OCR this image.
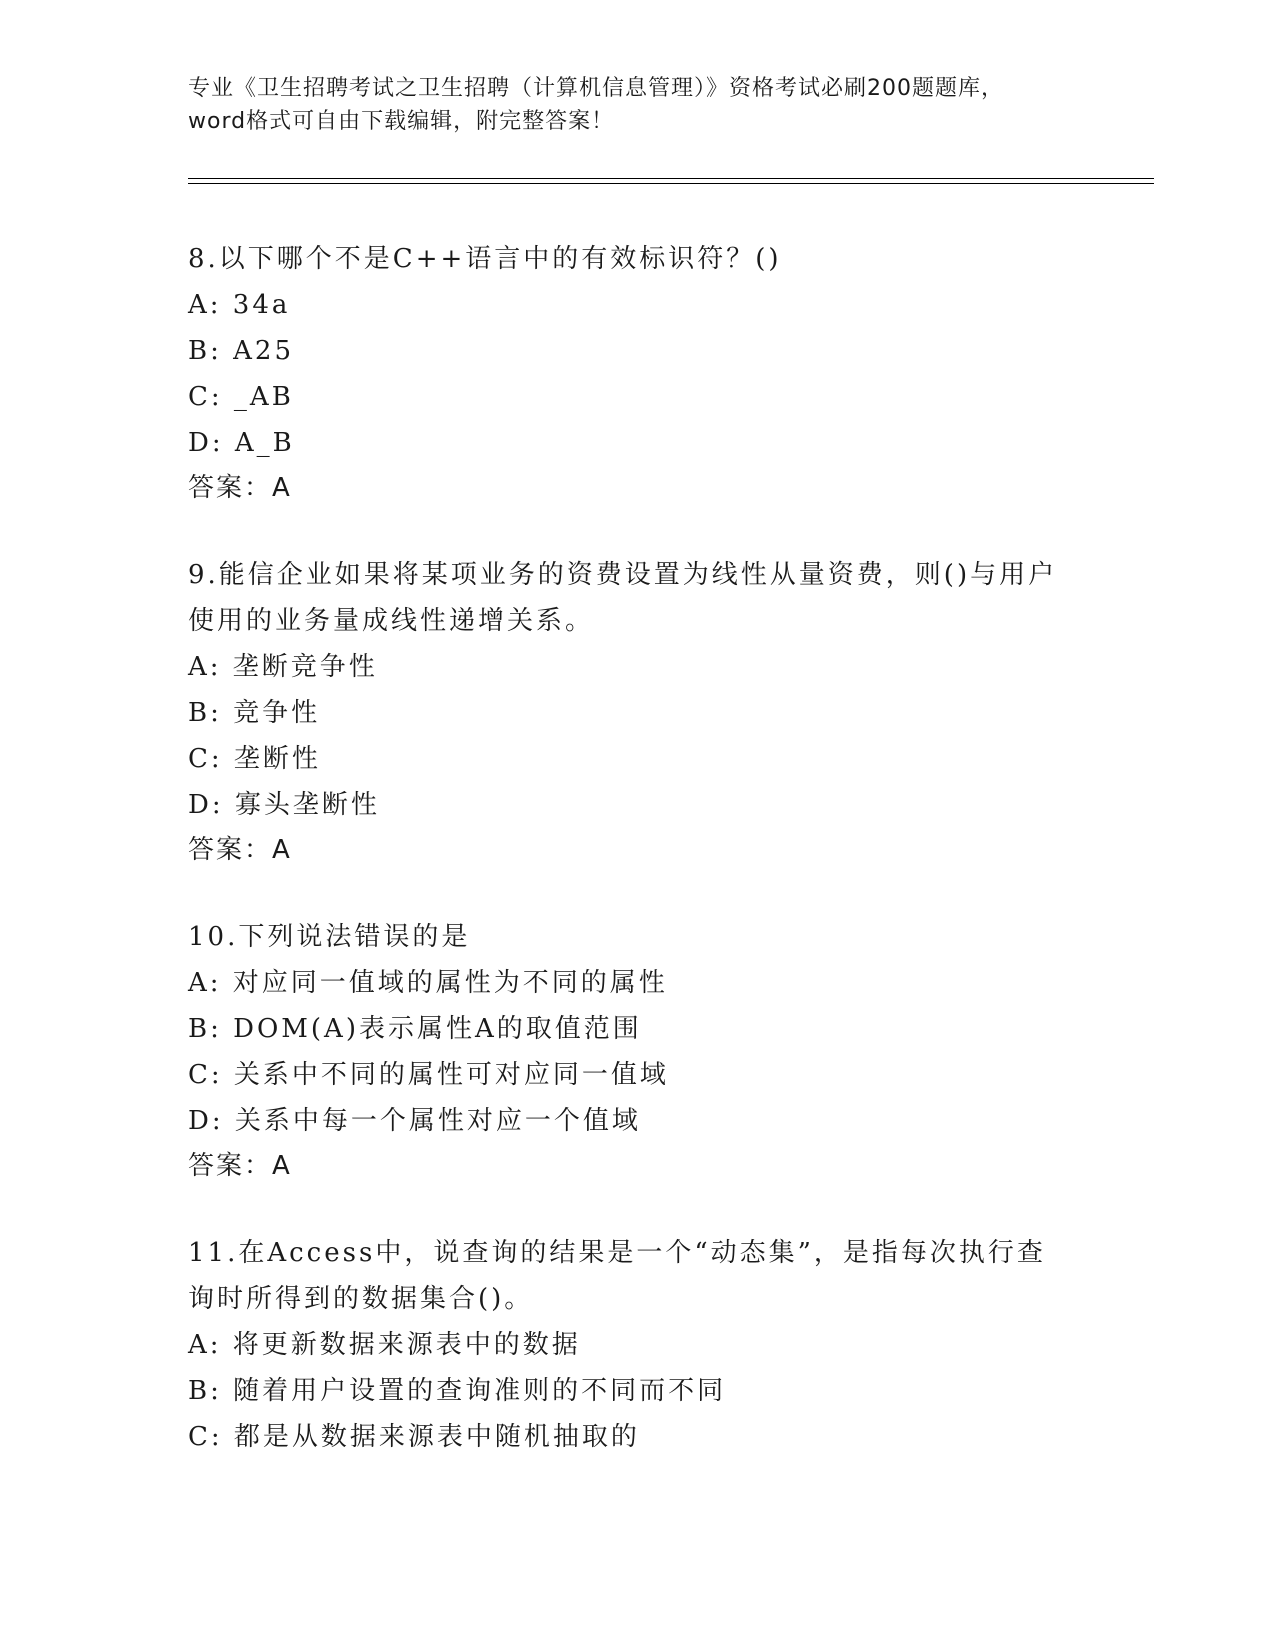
专业《卫生招聘考试之卫生招聘（计算机信息管理）》资格考试必刷200题题库，
word格式可自由下载编辑，附完整答案！
8.以下哪个不是C++语言中的有效标识符？()
A: 34a
B: A25
C: _AB
D: A_B
答案：A
9.能信企业如果将某项业务的资费设置为线性从量资费，则()与用户使用的业务量成线性递增关系。
A: 垄断竞争性
B: 竞争性
C: 垄断性
D: 寡头垄断性
答案：A
10.下列说法错误的是
A: 对应同一值域的属性为不同的属性
B: DOM(A)表示属性A的取值范围
C: 关系中不同的属性可对应同一值域
D: 关系中每一个属性对应一个值域
答案：A
11.在Access中，说查询的结果是一个“动态集”，是指每次执行查询时所得到的数据集合()。
A: 将更新数据来源表中的数据
B: 随着用户设置的查询准则的不同而不同
C: 都是从数据来源表中随机抽取的
